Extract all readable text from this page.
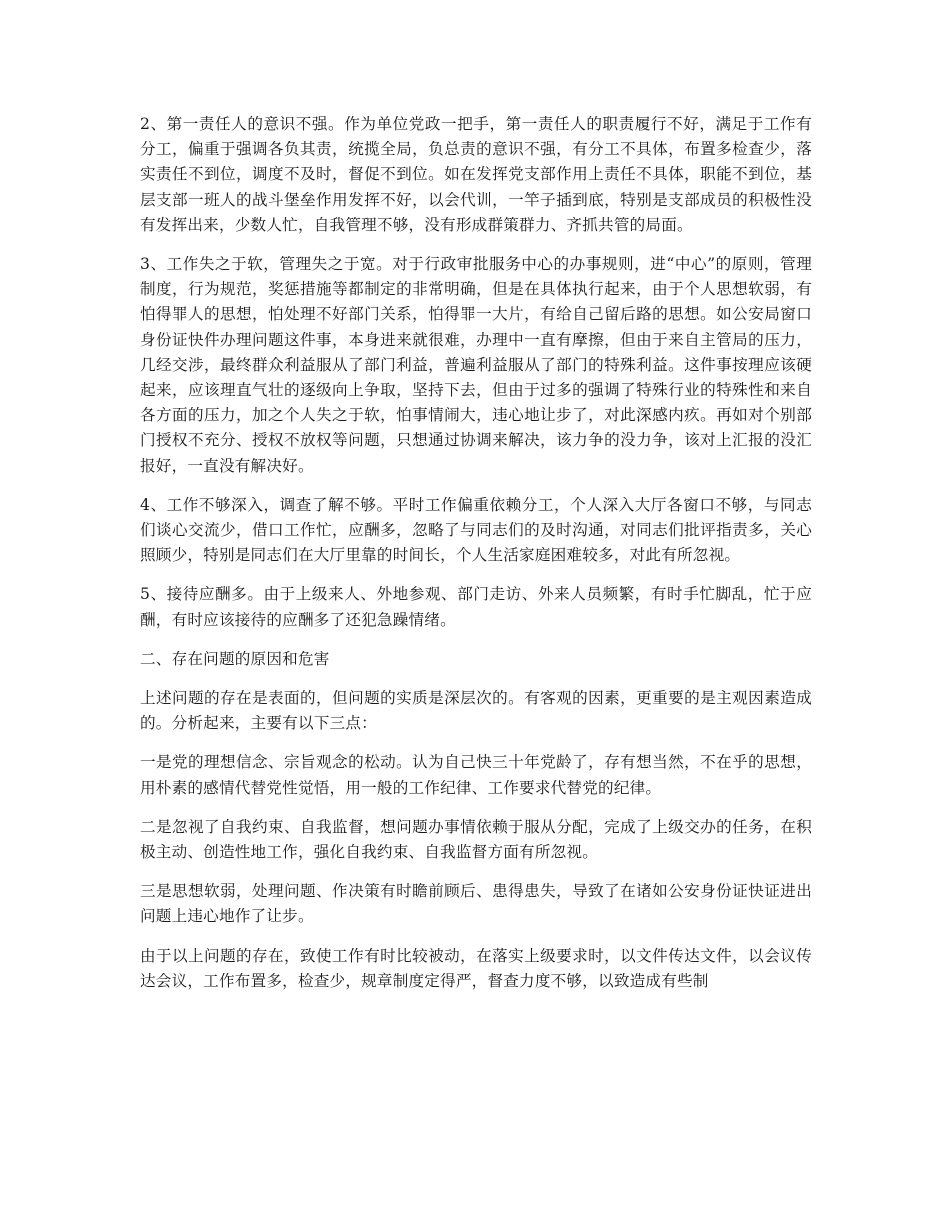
2、第一责任人的意识不强。作为单位党政一把手，第一责任人的职责履行不好，满足于工作有分工，偏重于强调各负其责，统揽全局，负总责的意识不强，有分工不具体，布置多检查少，落实责任不到位，调度不及时，督促不到位。如在发挥党支部作用上责任不具体，职能不到位，基层支部一班人的战斗堡垒作用发挥不好，以会代训，一竿子插到底，特别是支部成员的积极性没有发挥出来，少数人忙，自我管理不够，没有形成群策群力、齐抓共管的局面。

3、工作失之于软，管理失之于宽。对于行政审批服务中心的办事规则，进“中心”的原则，管理制度，行为规范，奖惩措施等都制定的非常明确，但是在具体执行起来，由于个人思想软弱，有怕得罪人的思想，怕处理不好部门关系，怕得罪一大片，有给自己留后路的思想。如公安局窗口身份证快件办理问题这件事，本身进来就很难，办理中一直有摩擦，但由于来自主管局的压力，几经交涉，最终群众利益服从了部门利益，普遍利益服从了部门的特殊利益。这件事按理应该硬起来，应该理直气壮的逐级向上争取，坚持下去，但由于过多的强调了特殊行业的特殊性和来自各方面的压力，加之个人失之于软，怕事情闹大，违心地让步了，对此深感内疚。再如对个别部门授权不充分、授权不放权等问题，只想通过协调来解决，该力争的没力争，该对上汇报的没汇报好，一直没有解决好。

4、工作不够深入，调查了解不够。平时工作偏重依赖分工，个人深入大厅各窗口不够，与同志们谈心交流少，借口工作忙，应酬多，忽略了与同志们的及时沟通，对同志们批评指责多，关心照顾少，特别是同志们在大厅里靠的时间长，个人生活家庭困难较多，对此有所忽视。

5、接待应酬多。由于上级来人、外地参观、部门走访、外来人员频繁，有时手忙脚乱，忙于应酬，有时应该接待的应酬多了还犯急躁情绪。

二、存在问题的原因和危害

上述问题的存在是表面的，但问题的实质是深层次的。有客观的因素，更重要的是主观因素造成的。分析起来，主要有以下三点：

一是党的理想信念、宗旨观念的松动。认为自己快三十年党龄了，存有想当然，不在乎的思想，用朴素的感情代替党性觉悟，用一般的工作纪律、工作要求代替党的纪律。

二是忽视了自我约束、自我监督，想问题办事情依赖于服从分配，完成了上级交办的任务，在积极主动、创造性地工作，强化自我约束、自我监督方面有所忽视。

三是思想软弱，处理问题、作决策有时瞻前顾后、患得患失，导致了在诸如公安身份证快证进出问题上违心地作了让步。

由于以上问题的存在，致使工作有时比较被动，在落实上级要求时，以文件传达文件，以会议传达会议，工作布置多，检查少，规章制度定得严，督查力度不够，以致造成有些制
